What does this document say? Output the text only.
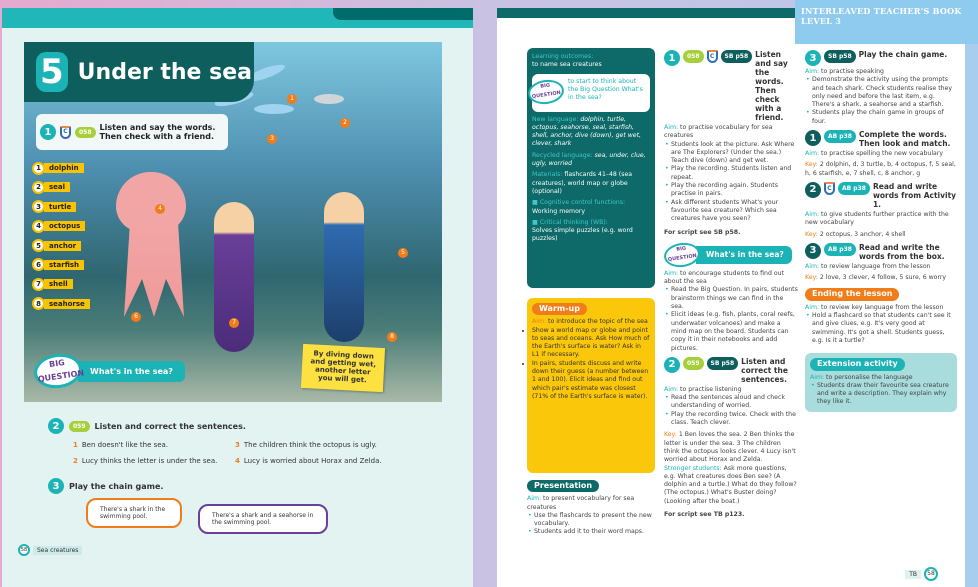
5 Under the sea
1	C	058	Listen and say the words. Then check with a friend.
1	dolphin
2	seal
3	turtle
4	octopus
5	anchor
6	starfish
7	shell
8	seahorse
1
2
3
4
5
6
7
8
BIG QUESTION What's in the sea?
By diving down and getting wet, another letter you will get.
2	059	Listen and correct the sentences.
1 Ben doesn't like the sea.
2 Lucy thinks the letter is under the sea.
3 The children think the octopus is ugly.
4 Lucy is worried about Horax and Zelda.
3	Play the chain game.
There's a shark in the swimming pool.	There's a shark and a seahorse in the swimming pool.
58	Sea creatures
INTERLEAVED TEACHER'S BOOK LEVEL 3
Learning outcomes:
to name sea creatures
BIG QUESTION
to start to think about the Big Question What's in the sea?
New language: dolphin, turtle, octopus, seahorse, seal, starfish, shell, anchor, dive (down), get wet, clever, shark
Recycled language: sea, under, clue, ugly, worried
Materials: flashcards 41–48 (sea creatures), world map or globe (optional)
■ Cognitive control functions:
Working memory
■ Critical thinking (WB):
Solves simple puzzles (e.g. word puzzles)
Warm-up
Aim: to introduce the topic of the sea
• Show a world map or globe and point to seas and oceans. Ask How much of the Earth's surface is water? Ask in L1 if necessary.
• In pairs, students discuss and write down their guess (a number between 1 and 100). Elicit ideas and find out which pair's estimate was closest (71% of the Earth's surface is water).
Presentation
Aim: to present vocabulary for sea creatures
• Use the flashcards to present the new vocabulary.
• Students add it to their word maps.
1	058	C	SB p58 Listen and say the words. Then check with a friend.
Aim: to practise vocabulary for sea creatures
• Students look at the picture. Ask Where are The Explorers? (Under the sea.) Teach dive (down) and get wet.
• Play the recording. Students listen and repeat.
• Play the recording again. Students practise in pairs.
• Ask different students What's your favourite sea creature? Which sea creatures have you seen?
For script see SB p58.
BIG QUESTION	What's in the sea?
Aim: to encourage students to find out about the sea
• Read the Big Question. In pairs, students brainstorm things we can find in the sea.
• Elicit ideas (e.g. fish, plants, coral reefs, underwater volcanoes) and make a mind map on the board. Students can copy it in their notebooks and add pictures.
2	059	SB p58 Listen and correct the sentences.
Aim: to practise listening
• Read the sentences aloud and check understanding of worried.
• Play the recording twice. Check with the class. Teach clever.
Key: 1 Ben loves the sea. 2 Ben thinks the letter is under the sea. 3 The children think the octopus looks clever. 4 Lucy isn't worried about Horax and Zelda.
Stronger students: Ask more questions, e.g. What creatures does Ben see? (A dolphin and a turtle.) What do they follow? (The octopus.) What's Buster doing? (Looking after the boat.)
For script see TB p123.
3	SB p58 Play the chain game.
Aim: to practise speaking
• Demonstrate the activity using the prompts and teach shark. Check students realise they only need and before the last item, e.g. There's a shark, a seahorse and a starfish.
• Students play the chain game in groups of four.
1	AB p38 Complete the words. Then look and match.
Aim: to practise spelling the new vocabulary
Key: 2 dolphin, d, 3 turtle, b, 4 octopus, f, 5 seal, h, 6 starfish, e, 7 shell, c, 8 anchor, g
2	C	AB p38 Read and write words from Activity 1.
Aim: to give students further practice with the new vocabulary
Key: 2 octopus, 3 anchor, 4 shell
3	AB p38 Read and write the words from the box.
Aim: to review language from the lesson
Key: 2 love, 3 clever, 4 follow, 5 sure, 6 worry
Ending the lesson
Aim: to review key language from the lesson
• Hold a flashcard so that students can't see it and give clues, e.g. It's very good at swimming. It's got a shell. Students guess, e.g. Is it a turtle?
Extension activity
Aim: to personalise the language
• Students draw their favourite sea creature and write a description. They explain why they like it.
TB	58
